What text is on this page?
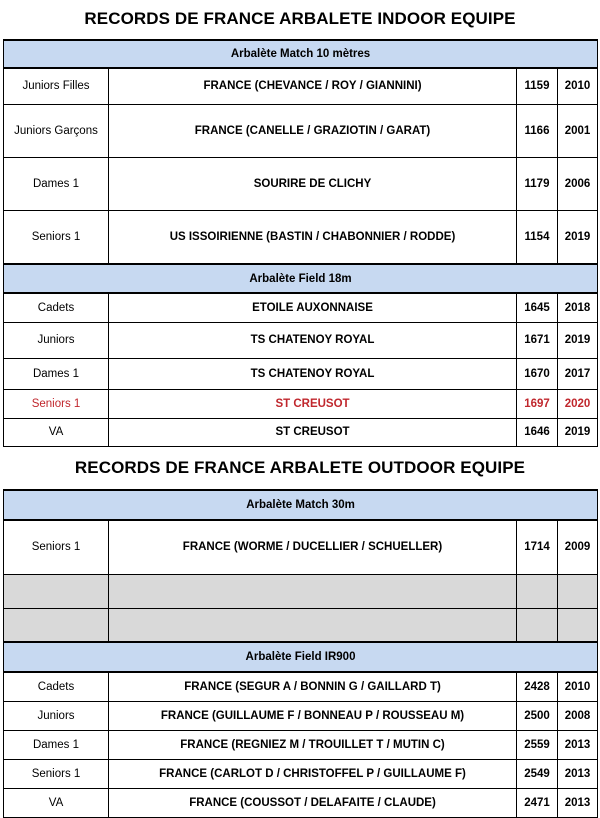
RECORDS DE FRANCE ARBALETE INDOOR EQUIPE
Arbalète Match 10 mètres			
Juniors Filles	FRANCE (CHEVANCE / ROY / GIANNINI)	1159	2010
Juniors Garçons	FRANCE (CANELLE / GRAZIOTIN / GARAT)	1166	2001
Dames 1	SOURIRE DE CLICHY	1179	2006
Seniors 1	US ISSOIRIENNE (BASTIN / CHABONNIER / RODDE)	1154	2019
Arbalète Field 18m			
Cadets	ETOILE AUXONNAISE	1645	2018
Juniors	TS CHATENOY ROYAL	1671	2019
Dames 1	TS CHATENOY ROYAL	1670	2017
Seniors 1	ST CREUSOT	1697	2020
VA	ST CREUSOT	1646	2019
RECORDS DE FRANCE ARBALETE OUTDOOR EQUIPE
Arbalète Match 30m			
Seniors 1	FRANCE (WORME / DUCELLIER / SCHUELLER)	1714	2009

Arbalète Field IR900			
Cadets	FRANCE (SEGUR A / BONNIN G / GAILLARD T)	2428	2010
Juniors	FRANCE (GUILLAUME F / BONNEAU P / ROUSSEAU M)	2500	2008
Dames 1	FRANCE (REGNIEZ M / TROUILLET T / MUTIN C)	2559	2013
Seniors 1	FRANCE (CARLOT D / CHRISTOFFEL P / GUILLAUME F)	2549	2013
VA	FRANCE (COUSSOT / DELAFAITE / CLAUDE)	2471	2013
